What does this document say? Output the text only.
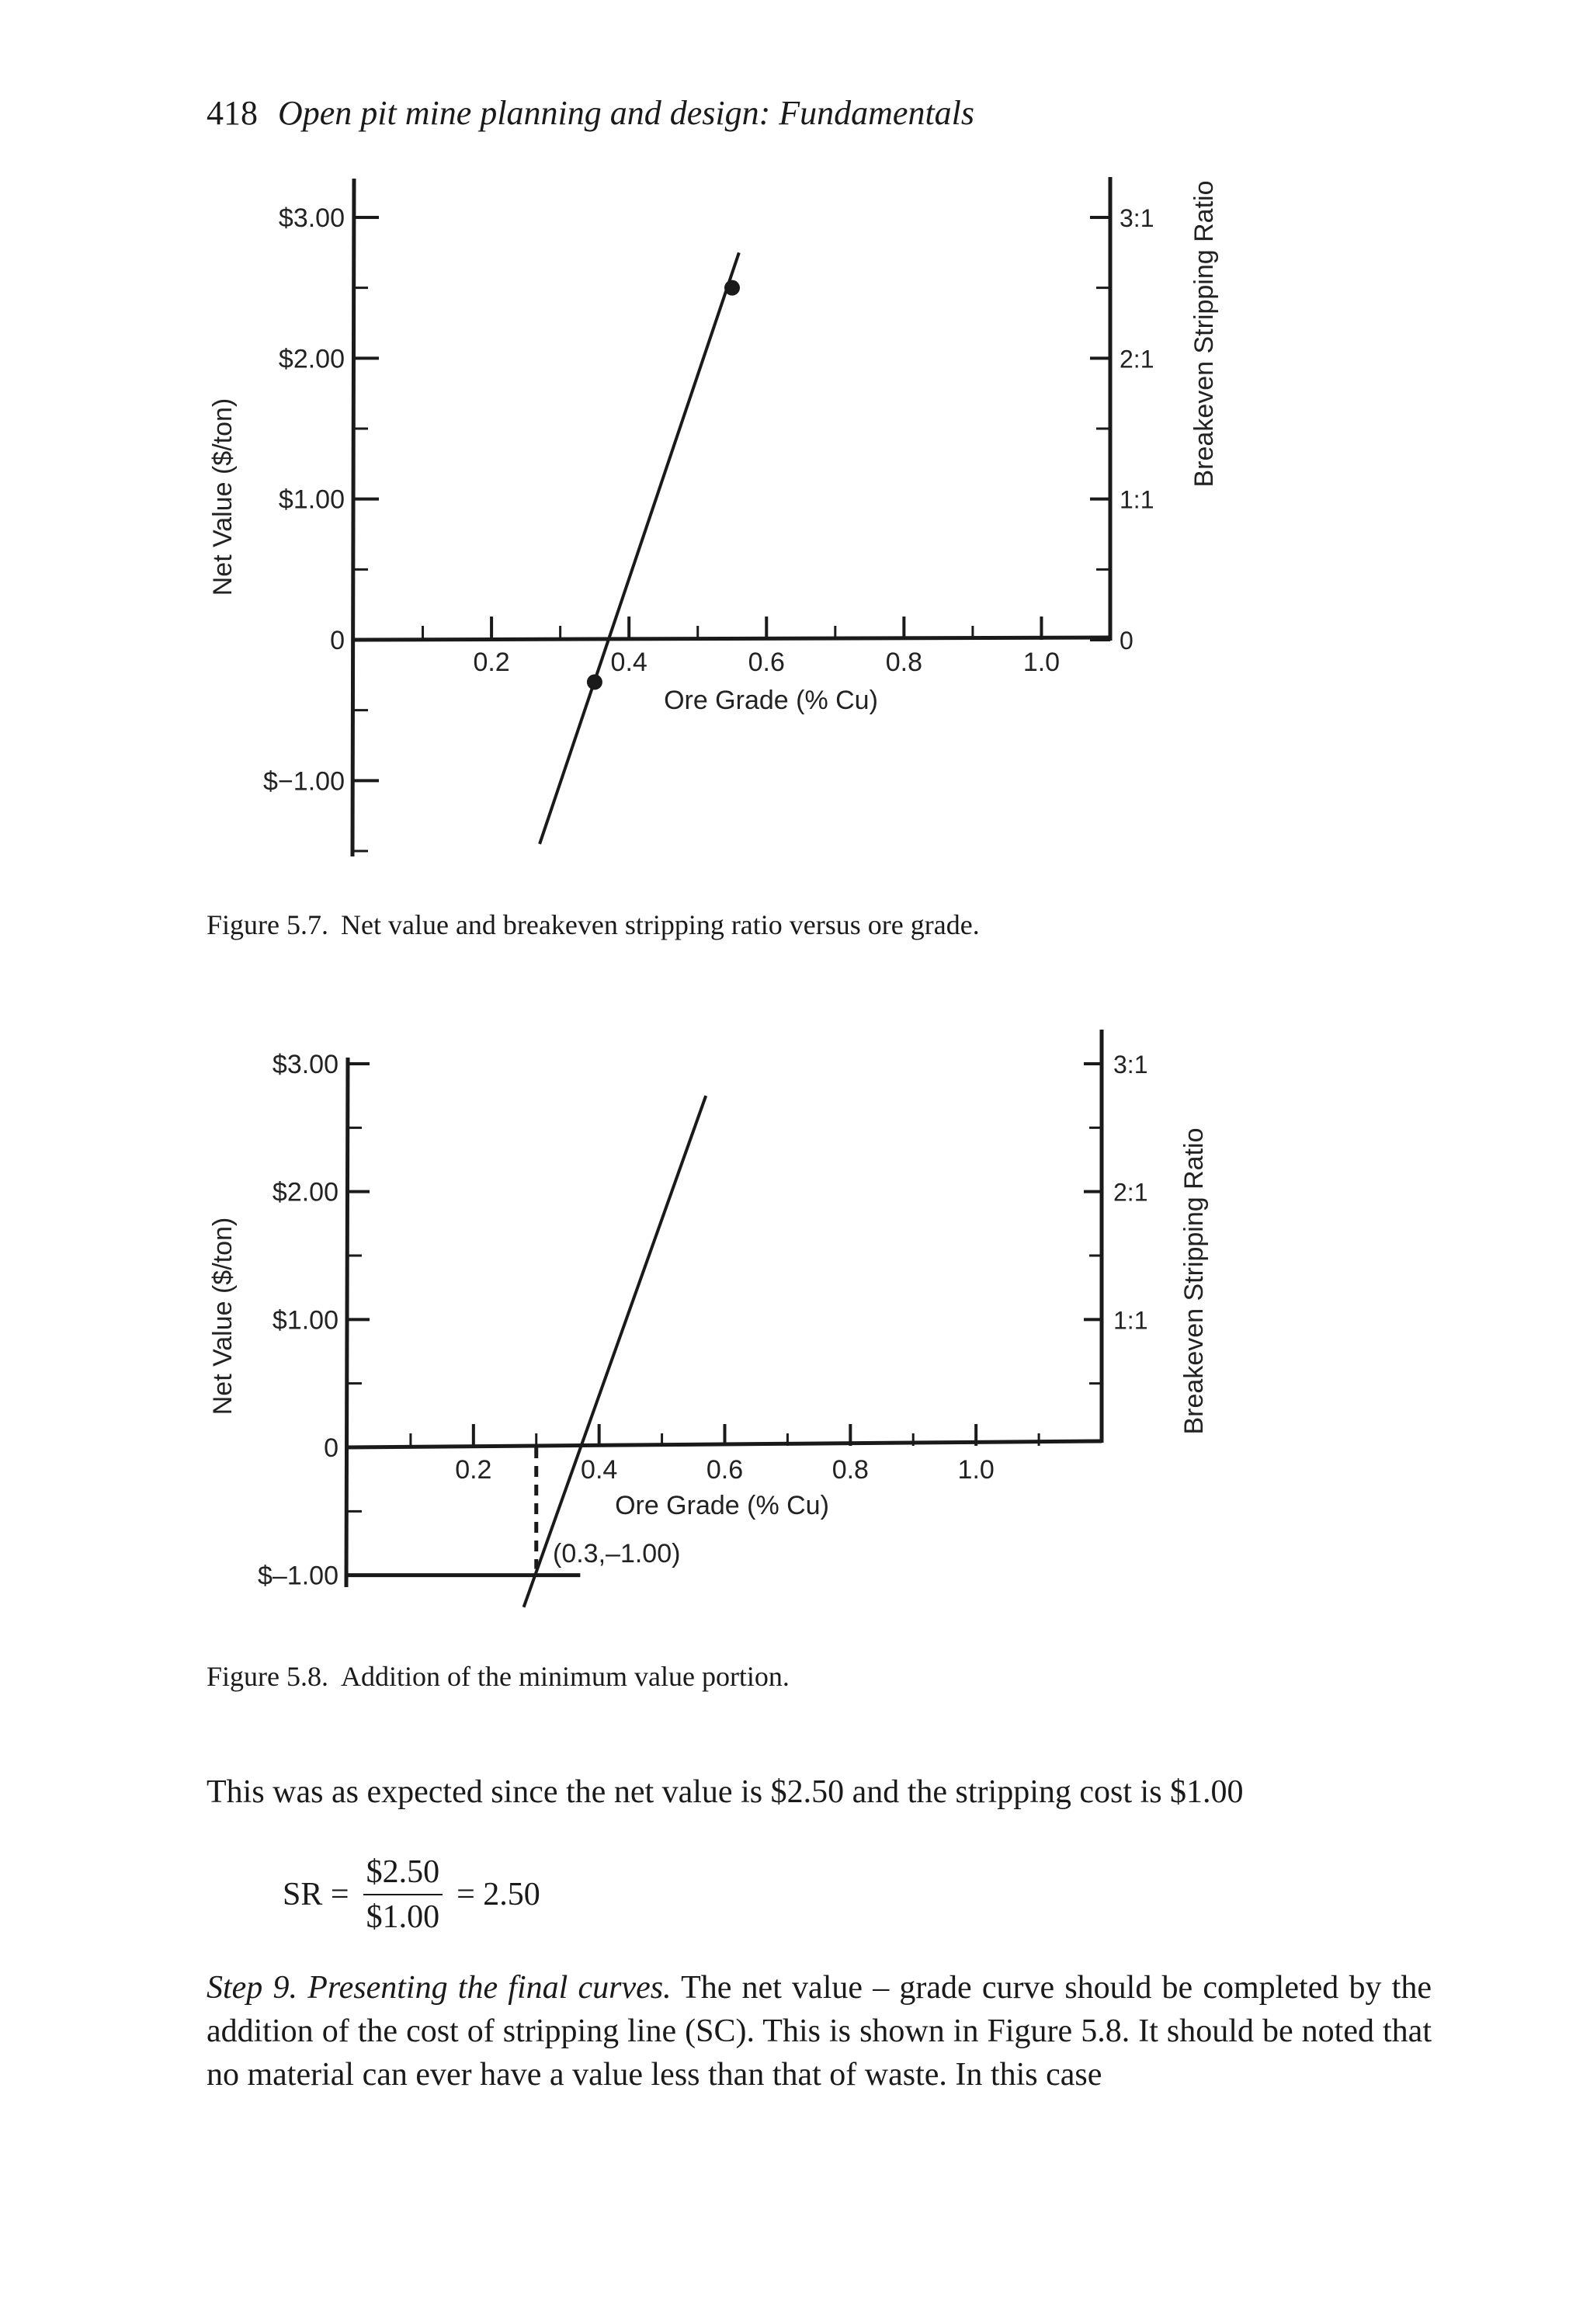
418 Open pit mine planning and design: Fundamentals
$3.00
$2.00
$1.00
0
$−1.00
3:1
2:1
1:1
0
0.2	0.4	0.6	0.8	1.0
Net Value ($/ton)
Breakeven Stripping Ratio
Ore Grade (% Cu)
Figure 5.7. Net value and breakeven stripping ratio versus ore grade.
$3.00
$2.00
$1.00
0
$–1.00
3:1
2:1
1:1
0.2	0.4	0.6	0.8	1.0
Net Value ($/ton)	Breakeven Stripping Ratio
Ore Grade (% Cu)
(0.3,–1.00)
Figure 5.8. Addition of the minimum value portion.
This was as expected since the net value is $2.50 and the stripping cost is $1.00
SR = $\frac{\$2.50}{\$1.00} = 2.50$
Step 9. Presenting the final curves. The net value – grade curve should be completed by the addition of the cost of stripping line (SC). This is shown in Figure 5.8. It should be noted that no material can ever have a value less than that of waste. In this case
